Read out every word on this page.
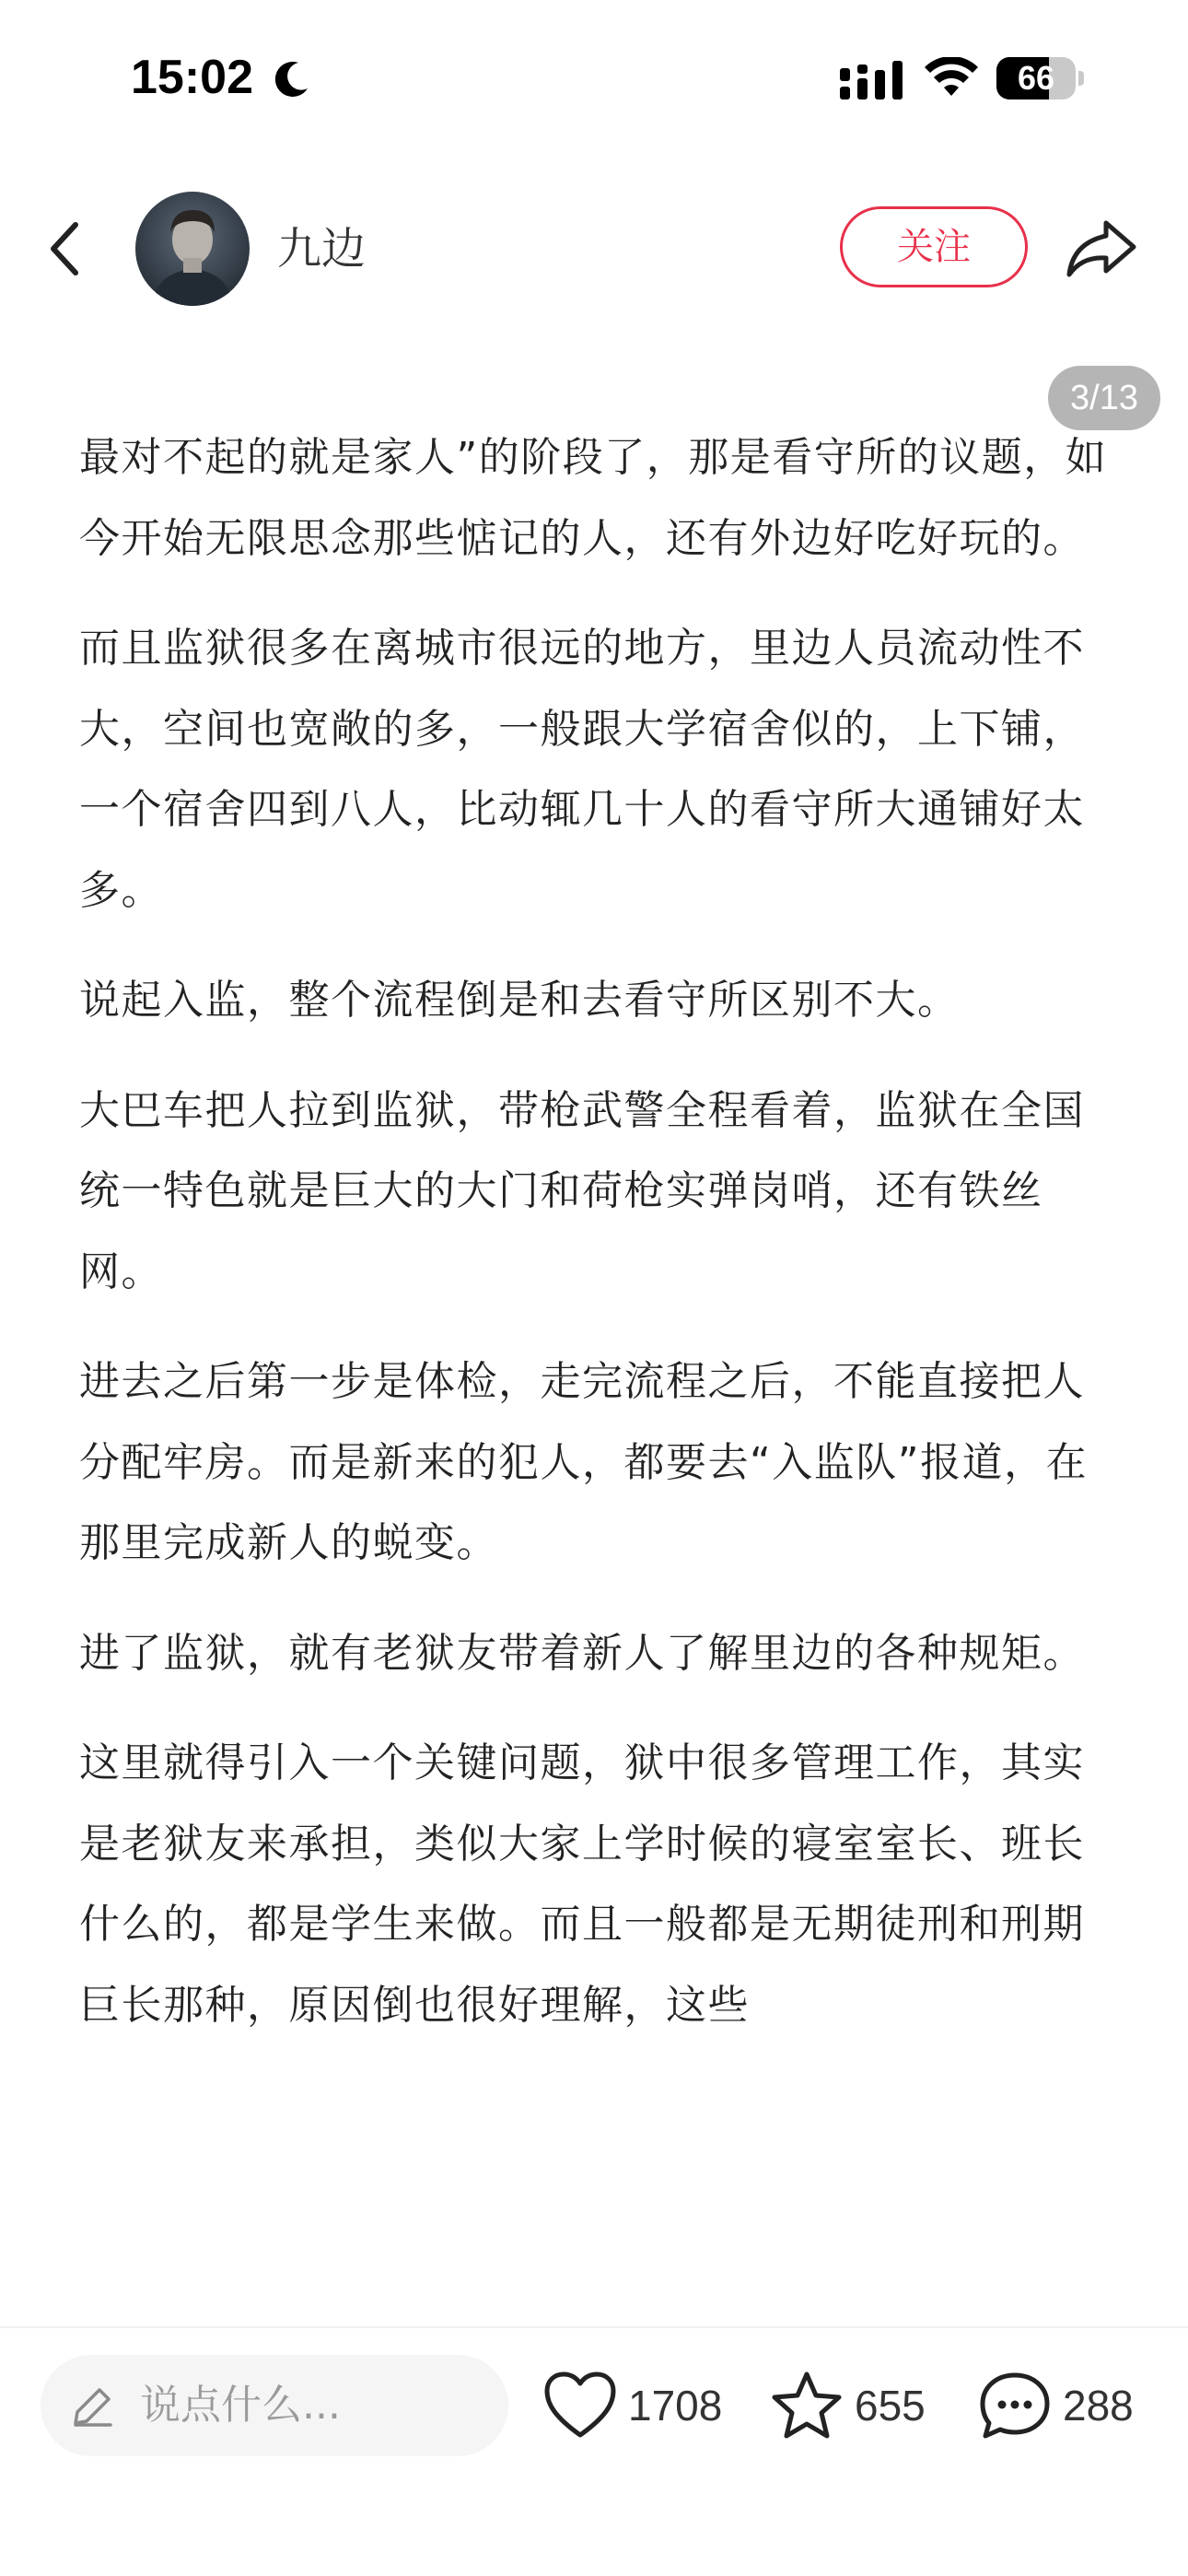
15:02	66
九边	关注
3/13

最对不起的就是家人”的阶段了，那是看守所的议题，如今开始无限思念那些惦记的人，还有外边好吃好玩的。

而且监狱很多在离城市很远的地方，里边人员流动性不大，空间也宽敞的多，一般跟大学宿舍似的，上下铺，一个宿舍四到八人，比动辄几十人的看守所大通铺好太多。

说起入监，整个流程倒是和去看守所区别不大。

大巴车把人拉到监狱，带枪武警全程看着，监狱在全国统一特色就是巨大的大门和荷枪实弹岗哨，还有铁丝网。

进去之后第一步是体检，走完流程之后，不能直接把人分配牢房。而是新来的犯人，都要去“入监队”报道，在那里完成新人的蜕变。

进了监狱，就有老狱友带着新人了解里边的各种规矩。

这里就得引入一个关键问题，狱中很多管理工作，其实是老狱友来承担，类似大家上学时候的寝室室长、班长什么的，都是学生来做。而且一般都是无期徒刑和刑期巨长那种，原因倒也很好理解，这些

说点什么...	1708	655	288
